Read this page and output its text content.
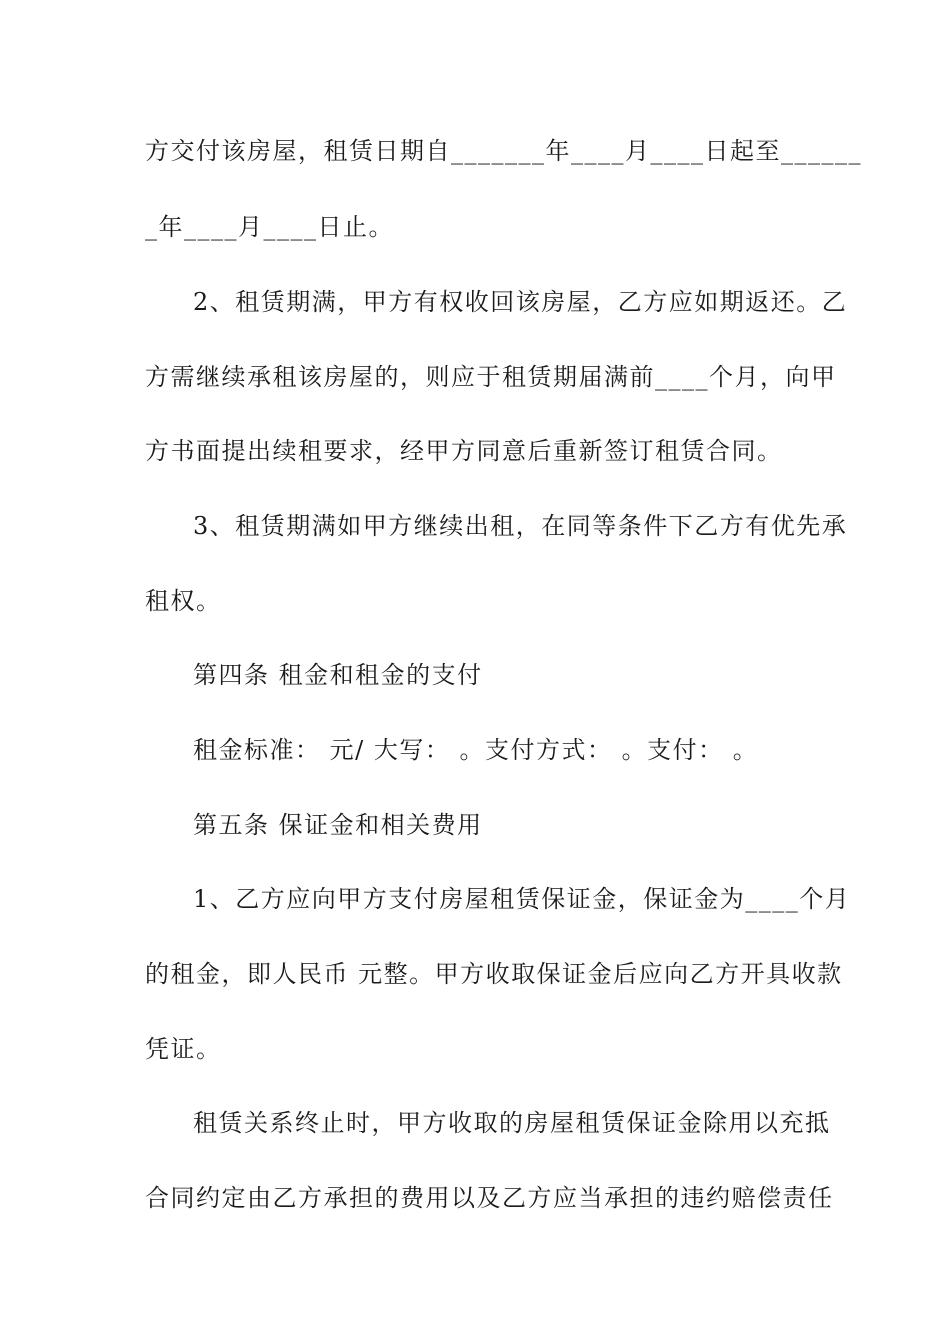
方交付该房屋，租赁日期自_______年____月____日起至______
_年____月____日止。
2、租赁期满，甲方有权收回该房屋，乙方应如期返还。乙
方需继续承租该房屋的，则应于租赁期届满前____个月，向甲
方书面提出续租要求，经甲方同意后重新签订租赁合同。
3、租赁期满如甲方继续出租，在同等条件下乙方有优先承
租权。
第四条 租金和租金的支付
租金标准： 元/ 大写： 。支付方式： 。支付： 。
第五条 保证金和相关费用
1、乙方应向甲方支付房屋租赁保证金，保证金为____个月
的租金，即人民币 元整。甲方收取保证金后应向乙方开具收款
凭证。
租赁关系终止时，甲方收取的房屋租赁保证金除用以充抵
合同约定由乙方承担的费用以及乙方应当承担的违约赔偿责任
